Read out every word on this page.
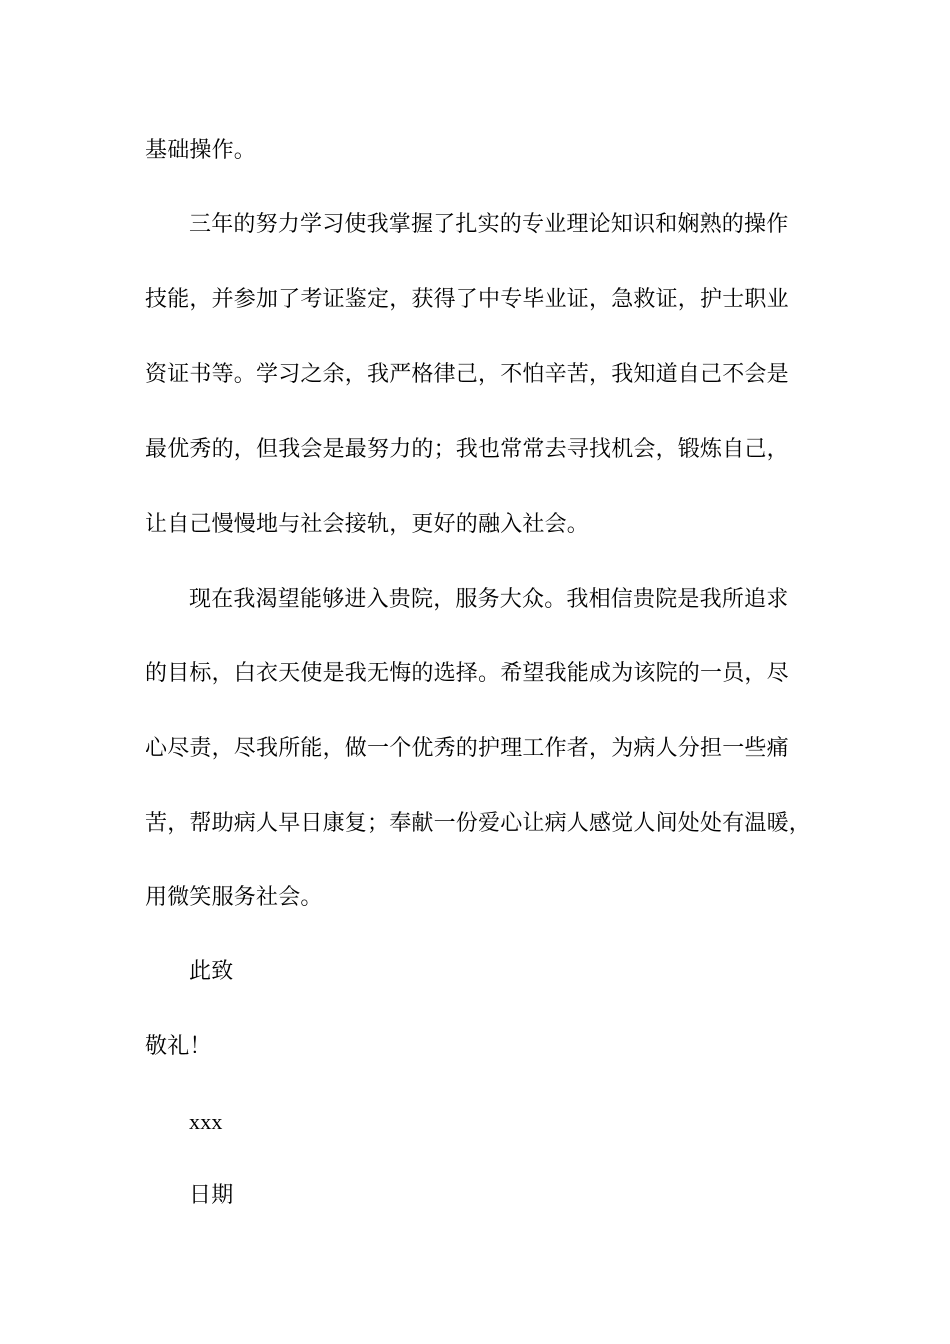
基础操作。
三年的努力学习使我掌握了扎实的专业理论知识和娴熟的操作
技能，并参加了考证鉴定，获得了中专毕业证，急救证，护士职业
资证书等。学习之余，我严格律己，不怕辛苦，我知道自己不会是
最优秀的，但我会是最努力的；我也常常去寻找机会，锻炼自己，
让自己慢慢地与社会接轨，更好的融入社会。
现在我渴望能够进入贵院，服务大众。我相信贵院是我所追求
的目标，白衣天使是我无悔的选择。希望我能成为该院的一员，尽
心尽责，尽我所能，做一个优秀的护理工作者，为病人分担一些痛
苦，帮助病人早日康复；奉献一份爱心让病人感觉人间处处有温暖，
用微笑服务社会。
此致
敬礼！
xxx
日期
